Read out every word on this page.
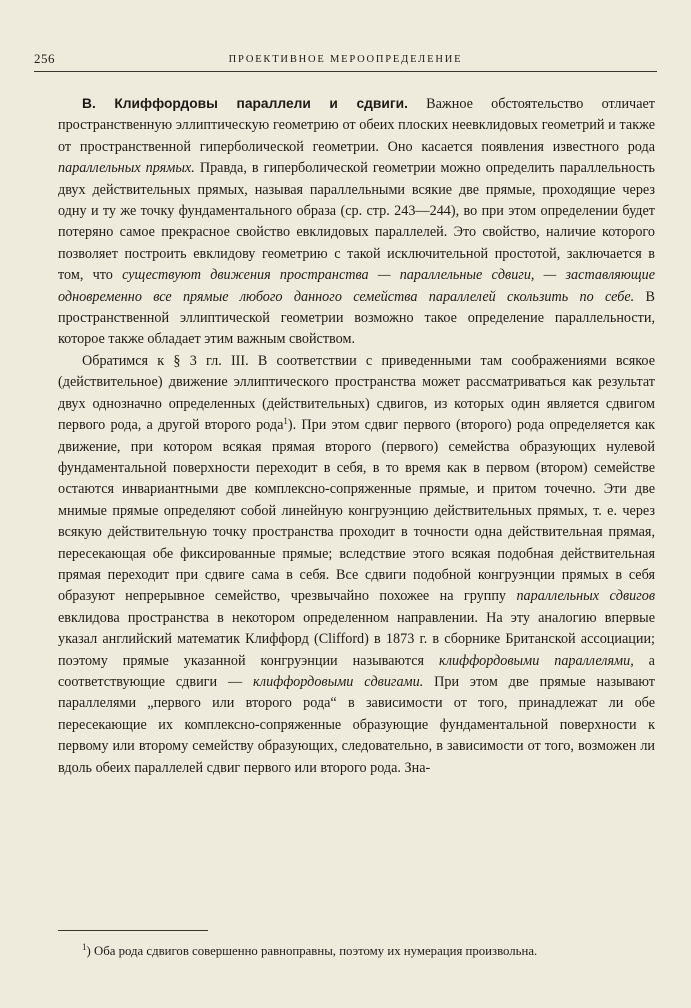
256	ПРОЕКТИВНОЕ МЕРООПРЕДЕЛЕНИЕ

В. Клиффордовы параллели и сдвиги. Важное обстоятельство отличает пространственную эллиптическую геометрию от обеих плоских неевклидовых геометрий и также от пространственной гиперболической геометрии. Оно касается появления известного рода параллельных прямых. Правда, в гиперболической геометрии можно определить параллельность двух действительных прямых, называя параллельными всякие две прямые, проходящие через одну и ту же точку фундаментального образа (ср. стр. 243—244), во при этом определении будет потеряно самое прекрасное свойство евклидовых параллелей. Это свойство, наличие которого позволяет построить евклидову геометрию с такой исключительной простотой, заключается в том, что существуют движения пространства — параллельные сдвиги, — заставляющие одновременно все прямые любого данного семейства параллелей скользить по себе. В пространственной эллиптической геометрии возможно такое определение параллельности, которое также обладает этим важным свойством.

Обратимся к § 3 гл. III. В соответствии с приведенными там соображениями всякое (действительное) движение эллиптического пространства может рассматриваться как результат двух однозначно определенных (действительных) сдвигов, из которых один является сдвигом первого рода, а другой второго рода$^1$). При этом сдвиг первого (второго) рода определяется как движение, при котором всякая прямая второго (первого) семейства образующих нулевой фундаментальной поверхности переходит в себя, в то время как в первом (втором) семействе остаются инвариантными две комплексно-сопряженные прямые, и притом точечно. Эти две мнимые прямые определяют собой линейную конгруэнцию действительных прямых, т. е. через всякую действительную точку пространства проходит в точности одна действительная прямая, пересекающая обе фиксированные прямые; вследствие этого всякая подобная действительная прямая переходит при сдвиге сама в себя. Все сдвиги подобной конгруэнции прямых в себя образуют непрерывное семейство, чрезвычайно похожее на группу параллельных сдвигов евклидова пространства в некотором определенном направлении. На эту аналогию впервые указал английский математик Клиффорд (Clifford) в 1873 г. в сборнике Британской ассоциации; поэтому прямые указанной конгруэнции называются клиффордовыми параллелями, а соответствующие сдвиги — клиффордовыми сдвигами. При этом две прямые называют параллелями „первого или второго рода“ в зависимости от того, принадлежат ли обе пересекающие их комплексно-сопряженные образующие фундаментальной поверхности к первому или второму семейству образующих, следовательно, в зависимости от того, возможен ли вдоль обеих параллелей сдвиг первого или второго рода. Зна-

$^1$) Оба рода сдвигов совершенно равноправны, поэтому их нумерация произвольна.
